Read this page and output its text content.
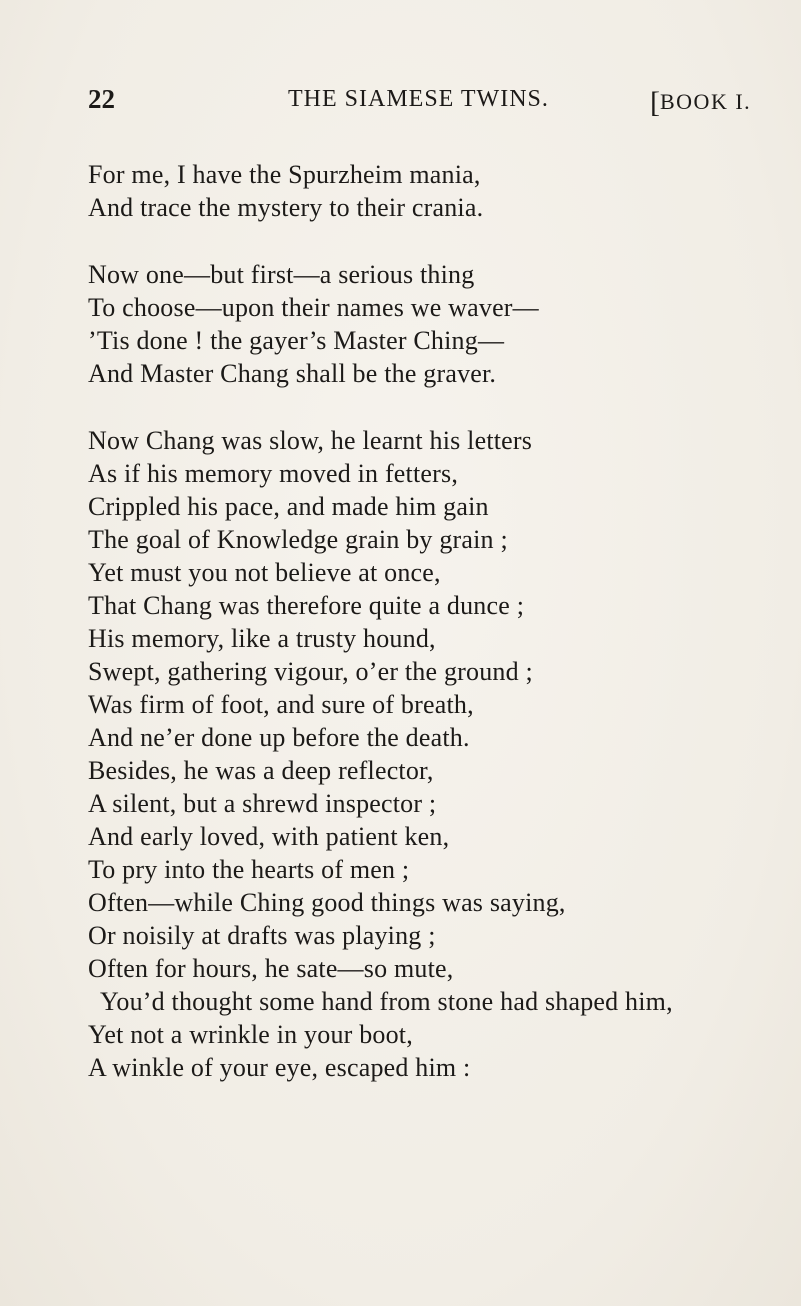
22	THE SIAMESE TWINS.	[BOOK I.
For me, I have the Spurzheim mania,
And trace the mystery to their crania.
Now one—but first—a serious thing
To choose—upon their names we waver—
’Tis done ! the gayer’s Master Ching—
And Master Chang shall be the graver.
Now Chang was slow, he learnt his letters
As if his memory moved in fetters,
Crippled his pace, and made him gain
The goal of Knowledge grain by grain ;
Yet must you not believe at once,
That Chang was therefore quite a dunce ;
His memory, like a trusty hound,
Swept, gathering vigour, o’er the ground ;
Was firm of foot, and sure of breath,
And ne’er done up before the death.
Besides, he was a deep reflector,
A silent, but a shrewd inspector ;
And early loved, with patient ken,
To pry into the hearts of men ;
Often—while Ching good things was saying,
Or noisily at drafts was playing ;
Often for hours, he sate—so mute,
You’d thought some hand from stone had shaped him,
Yet not a wrinkle in your boot,
A winkle of your eye, escaped him :
